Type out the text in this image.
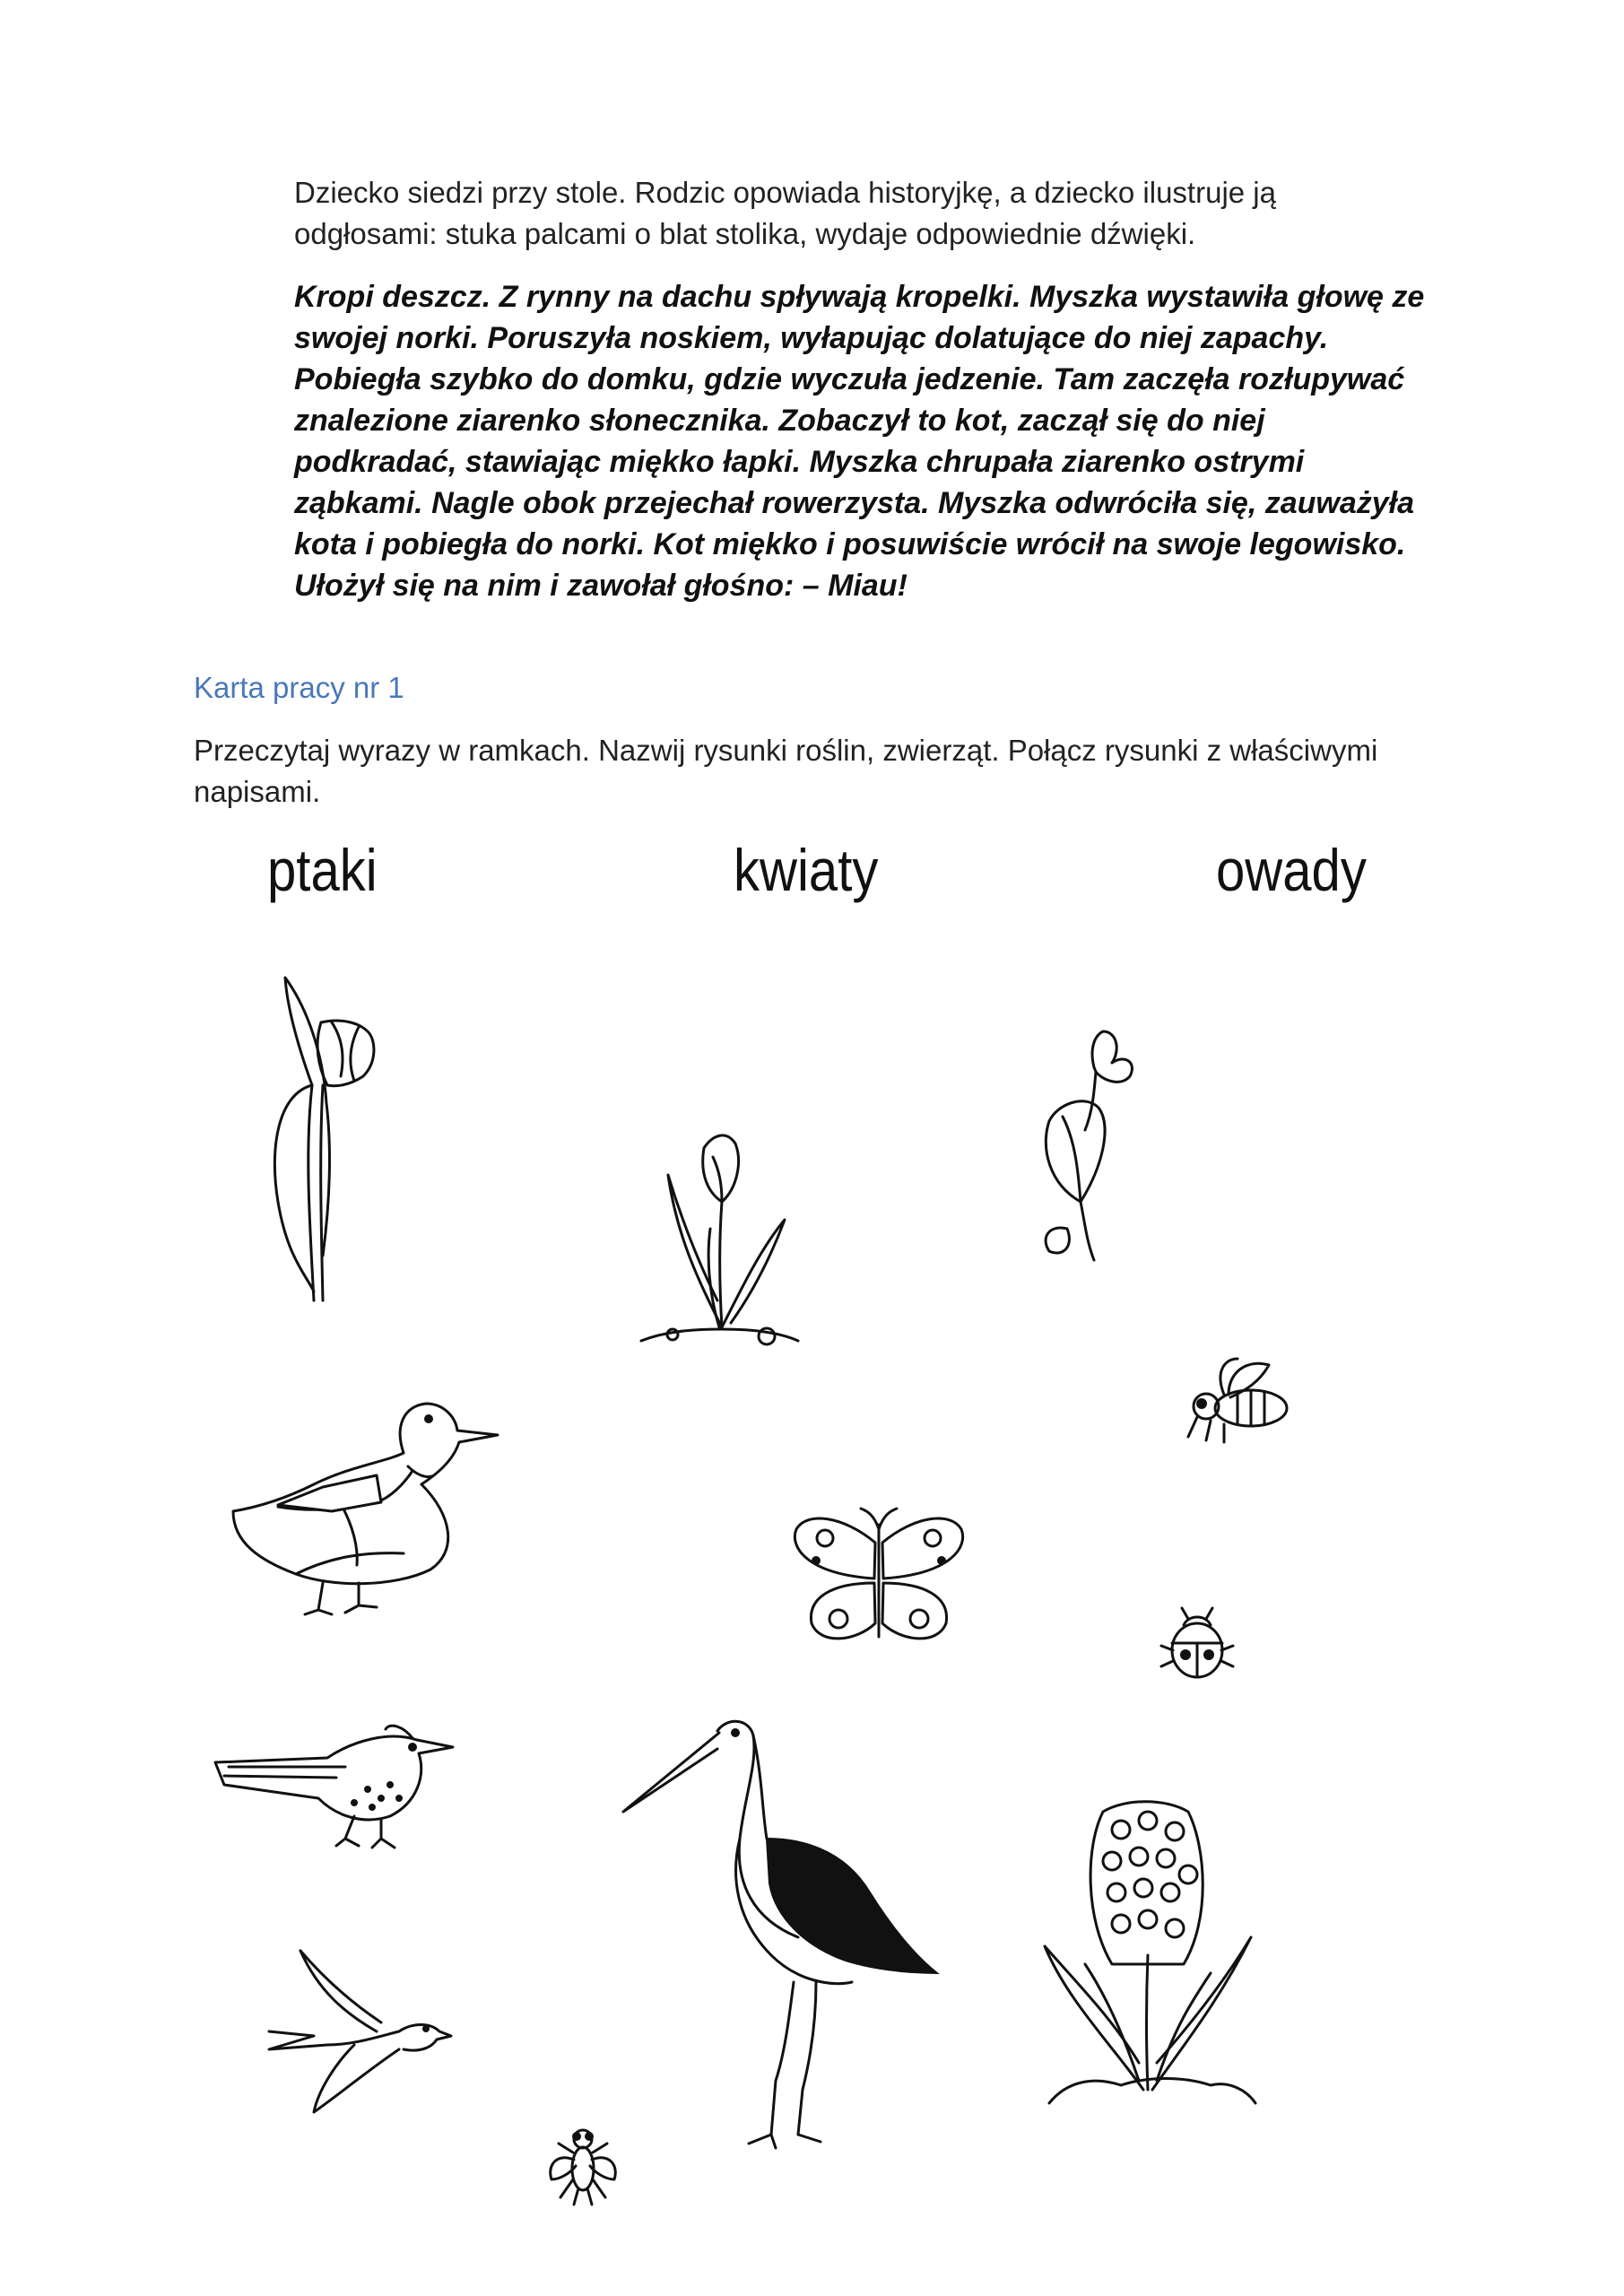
Dziecko siedzi przy stole. Rodzic opowiada historyjkę, a dziecko ilustruje ją odgłosami: stuka palcami o blat stolika, wydaje odpowiednie dźwięki.

Kropi deszcz. Z rynny na dachu spływają kropelki. Myszka wystawiła głowę ze swojej norki. Poruszyła noskiem, wyłapując dolatujące do niej zapachy. Pobiegła szybko do domku, gdzie wyczuła jedzenie. Tam zaczęła rozłupywać znalezione ziarenko słonecznika. Zobaczył to kot, zaczął się do niej podkradać, stawiając miękko łapki. Myszka chrupała ziarenko ostrymi ząbkami. Nagle obok przejechał rowerzysta. Myszka odwróciła się, zauważyła kota i pobiegła do norki. Kot miękko i posuwiście wrócił na swoje legowisko. Ułożył się na nim i zawołał głośno: – Miau!

Karta pracy nr 1
Przeczytaj wyrazy w ramkach. Nazwij rysunki roślin, zwierząt. Połącz rysunki z właściwymi napisami.
ptaki	kwiaty	owady
